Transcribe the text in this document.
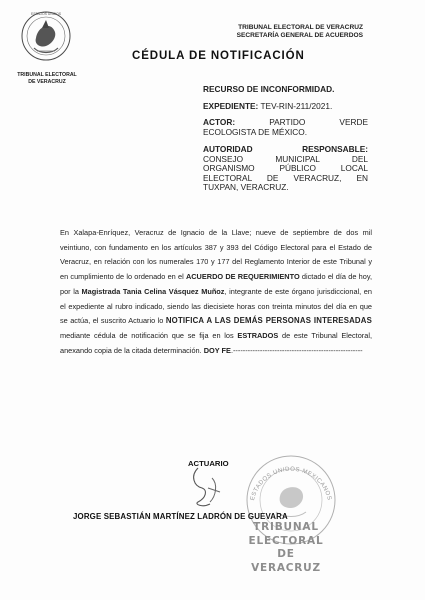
ESTADOS UNIDOS
TRIBUNAL ELECTORAL
DE VERACRUZ
TRIBUNAL ELECTORAL DE VERACRUZ
SECRETARÍA GENERAL DE ACUERDOS
CÉDULA DE NOTIFICACIÓN
RECURSO DE INCONFORMIDAD.
EXPEDIENTE: TEV-RIN-211/2021.
ACTOR:	PARTIDO VERDE
ECOLOGISTA DE MÉXICO.
AUTORIDAD RESPONSABLE:
CONSEJO MUNICIPAL DEL
ORGANISMO PÚBLICO LOCAL
ELECTORAL DE VERACRUZ, EN
TUXPAN, VERACRUZ.

En Xalapa-Enríquez, Veracruz de Ignacio de la Llave; nueve de septiembre de dos mil veintiuno, con fundamento en los artículos 387 y 393 del Código Electoral para el Estado de Veracruz, en relación con los numerales 170 y 177 del Reglamento Interior de este Tribunal y en cumplimiento de lo ordenado en el ACUERDO DE REQUERIMIENTO dictado el día de hoy, por la Magistrada Tania Celina Vásquez Muñoz, integrante de este órgano jurisdiccional, en el expediente al rubro indicado, siendo las diecisiete horas con treinta minutos del día en que se actúa, el suscrito Actuario lo NOTIFICA A LAS DEMÁS PERSONAS INTERESADAS mediante cédula de notificación que se fija en los ESTRADOS de este Tribunal Electoral, anexando copia de la citada determinación. DOY FE.-----------------------------------------------------

ESTADOS UNIDOS MEXICANOS
TRIBUNAL
ELECTORAL
DE VERACRUZ
ACTUARIO
JORGE SEBASTIÁN MARTÍNEZ LADRÓN DE GUEVARA
